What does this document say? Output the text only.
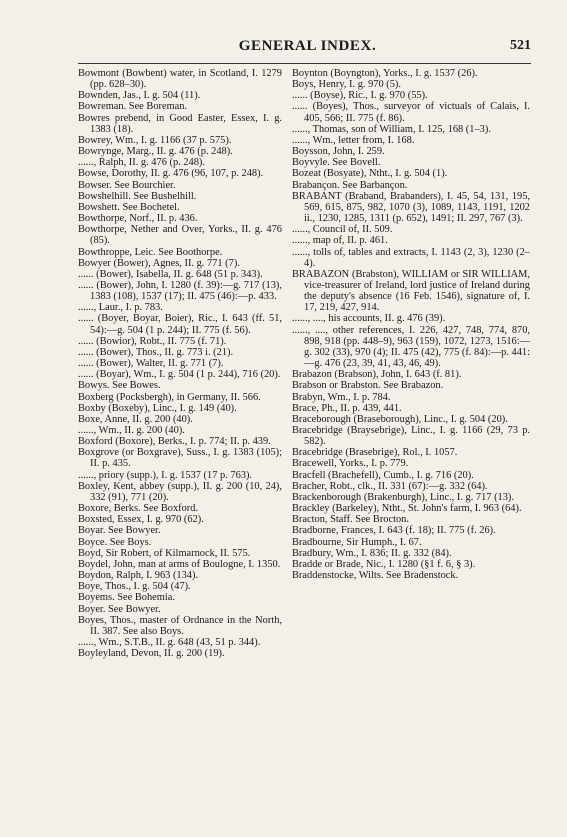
GENERAL INDEX.	521
Bowmont (Bowbent) water, in Scotland, I. 1279 (pp. 628–30).
Bownden, Jas., I. g. 504 (11).
Bowreman. See Boreman.
Bowres prebend, in Good Easter, Essex, I. g. 1383 (18).
Bowrey, Wm., I. g. 1166 (37 p. 575).
Bowrynge, Marg., II. g. 476 (p. 248).
......, Ralph, II. g. 476 (p. 248).
Bowse, Dorothy, II. g. 476 (96, 107, p. 248).
Bowser. See Bourchier.
Bowshelhill. See Bushelhill.
Bowshett. See Bochetel.
Bowthorpe, Norf., II. p. 436.
Bowthorpe, Nether and Over, Yorks., II. g. 476 (85).
Bowthroppe, Leic. See Boothorpe.
Bowyer (Bower), Agnes, II. g. 771 (7).
...... (Bower), Isabella, II. g. 648 (51 p. 343).
...... (Bower), John, I. 1280 (f. 39):—g. 717 (13), 1383 (108), 1537 (17); II. 475 (46):—p. 433.
......, Laur., I. p. 783.
...... (Boyer, Boyar, Boier), Ric., I. 643 (ff. 51, 54):—g. 504 (1 p. 244); II. 775 (f. 56).
...... (Bowior), Robt., II. 775 (f. 71).
...... (Bower), Thos., II. g. 773 i. (21).
...... (Bower), Walter, II. g. 771 (7).
...... (Boyar), Wm., I. g. 504 (1 p. 244), 716 (20).
Bowys. See Bowes.
Boxberg (Pocksbergh), in Germany, II. 566.
Boxby (Boxeby), Linc., I. g. 149 (40).
Boxe, Anne, II. g. 200 (40).
......, Wm., II. g. 200 (40).
Boxford (Boxore), Berks., I. p. 774; II. p. 439.
Boxgrove (or Boxgrave), Suss., I. g. 1383 (105); II. p. 435.
......, priory (supp.), I. g. 1537 (17 p. 763).
Boxley, Kent, abbey (supp.), II. g. 200 (10, 24), 332 (91), 771 (20).
Boxore, Berks. See Boxford.
Boxsted, Essex, I. g. 970 (62).
Boyar. See Bowyer.
Boyce. See Boys.
Boyd, Sir Robert, of Kilmarnock, II. 575.
Boydel, John, man at arms of Boulogne, I. 1350.
Boydon, Ralph, I. 963 (134).
Boye, Thos., I. g. 504 (47).
Boyems. See Bohemia.
Boyer. See Bowyer.
Boyes, Thos., master of Ordnance in the North, II. 387. See also Boys.
......, Wm., S.T.B., II. g. 648 (43, 51 p. 344).
Boyleyland, Devon, II. g. 200 (19).
Boynton (Boyngton), Yorks., I. g. 1537 (26).
Boys, Henry, I. g. 970 (5).
...... (Boyse), Ric., I. g. 970 (55).
...... (Boyes), Thos., surveyor of victuals of Calais, I. 405, 566; II. 775 (f. 86).
......, Thomas, son of William, I. 125, 168 (1–3).
......, Wm., letter from, I. 168.
Boysson, John, I. 259.
Boyvyle. See Bovell.
Bozeat (Bosyate), Ntht., I. g. 504 (1).
Brabançon. See Barbançon.
BRABANT (Braband, Brabanders), I. 45, 54, 131, 195, 569, 615, 875, 982, 1070 (3), 1089, 1143, 1191, 1202 ii., 1230, 1285, 1311 (p. 652), 1491; II. 297, 767 (3).
......, Council of, II. 509.
......, map of, II. p. 461.
......, tolls of, tables and extracts, I. 1143 (2, 3), 1230 (2–4).
BRABAZON (Brabston), WILLIAM or SIR WILLIAM, vice-treasurer of Ireland, lord justice of Ireland during the deputy's absence (16 Feb. 1546), signature of, I. 17, 219, 427, 914.
......, ...., his accounts, II. g. 476 (39).
......, ...., other references, I. 226, 427, 748, 774, 870, 898, 918 (pp. 448–9), 963 (159), 1072, 1273, 1516:—g. 302 (33), 970 (4); II. 475 (42), 775 (f. 84):—p. 441:—g. 476 (23, 39, 41, 43, 46, 49).
Brabazon (Brabson), John, I. 643 (f. 81).
Brabson or Brabston. See Brabazon.
Brabyn, Wm., I. p. 784.
Brace, Ph., II. p. 439, 441.
Braceborough (Braseborough), Linc., I. g. 504 (20).
Bracebridge (Braysebrige), Linc., I. g. 1166 (29, 73 p. 582).
Bracebridge (Brasebrige), Rol., I. 1057.
Bracewell, Yorks., I. p. 779.
Bracfell (Brachefell), Cumb., I. g. 716 (20).
Bracher, Robt., clk., II. 331 (67):—g. 332 (64).
Brackenborough (Brakenburgh), Linc., I. g. 717 (13).
Brackley (Barkeley), Ntht., St. John's farm, I. 963 (64).
Bracton, Staff. See Brocton.
Bradborne, Frances, I. 643 (f. 18); II. 775 (f. 26).
Bradbourne, Sir Humph., I. 67.
Bradbury, Wm., I. 836; II. g. 332 (84).
Bradde or Brade, Nic., I. 1280 (§1 f. 6, § 3).
Braddenstocke, Wilts. See Bradenstock.
